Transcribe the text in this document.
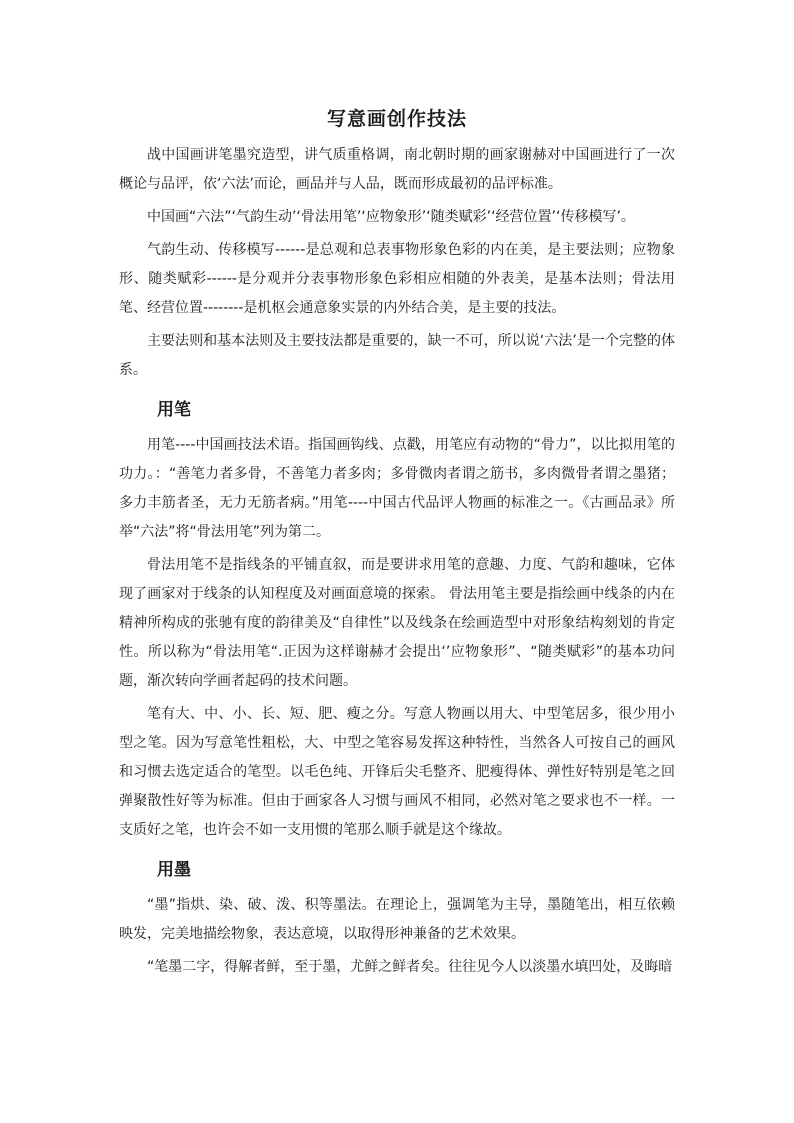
写意画创作技法

战中国画讲笔墨究造型，讲气质重格调，南北朝时期的画家谢赫对中国画进行了一次概论与品评，依‘六法’而论，画品并与人品，既而形成最初的品评标准。

中国画“六法”‘气韵生动’‘骨法用笔’‘应物象形’‘随类赋彩’‘经营位置’‘传移模写’。

气韵生动、传移模写------是总观和总表事物形象色彩的内在美，是主要法则；应物象形、随类赋彩------是分观并分表事物形象色彩相应相随的外表美，是基本法则；骨法用笔、经营位置--------是机枢会通意象实景的内外结合美，是主要的技法。

主要法则和基本法则及主要技法都是重要的，缺一不可，所以说‘六法’是一个完整的体系。

用笔

用笔----中国画技法术语。指国画钩线、点戳，用笔应有动物的“骨力”，以比拟用笔的功力。：“善笔力者多骨，不善笔力者多肉；多骨微肉者谓之筋书，多肉微骨者谓之墨猪；多力丰筋者圣，无力无筋者病。”用笔----中国古代品评人物画的标准之一。《古画品录》所举“六法”将“骨法用笔”列为第二。

骨法用笔不是指线条的平铺直叙，而是要讲求用笔的意趣、力度、气韵和趣味，它体现了画家对于线条的认知程度及对画面意境的探索。 骨法用笔主要是指绘画中线条的内在精神所构成的张驰有度的韵律美及“自律性”以及线条在绘画造型中对形象结构刻划的肯定性。所以称为“骨法用笔“.正因为这样谢赫才会提出‘’应物象形”、“随类赋彩”的基本功问题，渐次转向学画者起码的技术问题。

笔有大、中、小、长、短、肥、瘦之分。写意人物画以用大、中型笔居多，很少用小型之笔。因为写意笔性粗松，大、中型之笔容易发挥这种特性，当然各人可按自己的画风和习惯去选定适合的笔型。以毛色纯、开锋后尖毛整齐、肥瘦得体、弹性好特别是笔之回弹聚散性好等为标准。但由于画家各人习惯与画风不相同，必然对笔之要求也不一样。一支质好之笔，也许会不如一支用惯的笔那么顺手就是这个缘故。

用墨

“墨”指烘、染、破、泼、积等墨法。在理论上，强调笔为主导，墨随笔出，相互依赖映发，完美地描绘物象，表达意境，以取得形神兼备的艺术效果。

“笔墨二字，得解者鲜，至于墨，尤鲜之鲜者矣。往往见今人以淡墨水填凹处，及晦暗
